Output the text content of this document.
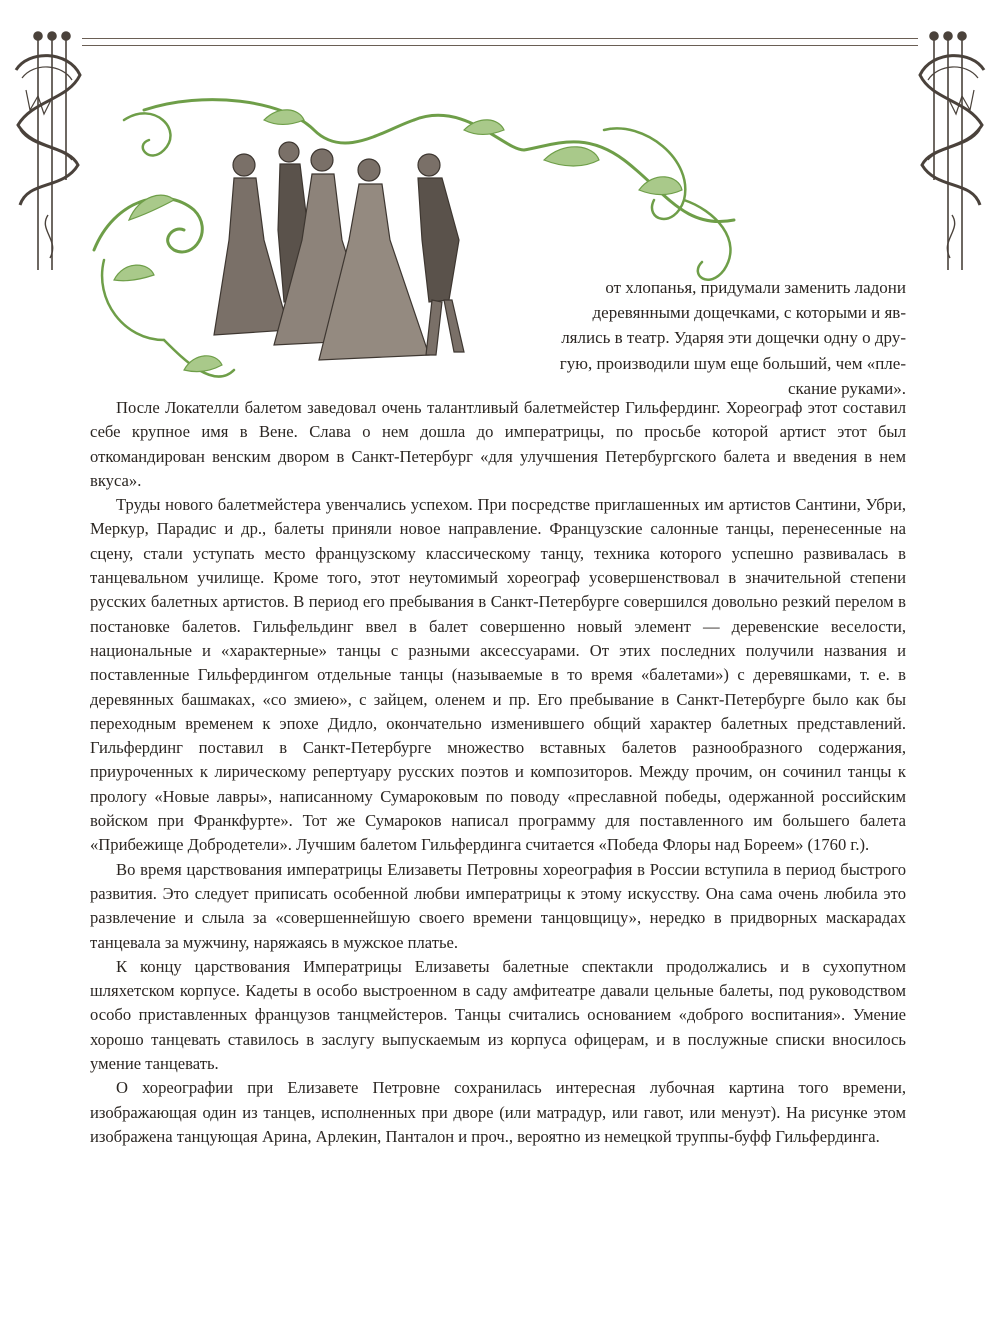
от хлопанья, придумали заменить ладони
деревянными дощечками, с которыми и яв-
лялись в театр. Ударяя эти дощечки одну о дру-
гую, производили шум еще больший, чем «пле-
скание руками».

После Локателли балетом заведовал очень талантливый балетмейстер Гильфердинг. Хореограф этот составил себе крупное имя в Вене. Слава о нем дошла до императрицы, по просьбе которой артист этот был откомандирован венским двором в Санкт-Петербург «для улучшения Петербургского балета и введения в нем вкуса».

Труды нового балетмейстера увенчались успехом. При посредстве приглашенных им артистов Сантини, Убри, Меркур, Парадис и др., балеты приняли новое направление. Французские салонные танцы, перенесенные на сцену, стали уступать место французскому классическому танцу, техника которого успешно развивалась в танцевальном училище. Кроме того, этот неутомимый хореограф усовершенствовал в значительной степени русских балетных артистов. В период его пребывания в Санкт-Петербурге совершился довольно резкий перелом в постановке балетов. Гильфельдинг ввел в балет совершенно новый элемент — деревенские веселости, национальные и «характерные» танцы с разными аксессуарами. От этих последних получили названия и поставленные Гильфердингом отдельные танцы (называемые в то время «балетами») с деревяшками, т. е. в деревянных башмаках, «со змиею», с зайцем, оленем и пр. Его пребывание в Санкт-Петербурге было как бы переходным временем к эпохе Дидло, окончательно изменившего общий характер балетных представлений. Гильфердинг поставил в Санкт-Петербурге множество вставных балетов разнообразного содержания, приуроченных к лирическому репертуару русских поэтов и композиторов. Между прочим, он сочинил танцы к прологу «Новые лавры», написанному Сумароковым по поводу «преславной победы, одержанной российским войском при Франкфурте». Тот же Сумароков написал программу для поставленного им большего балета «Прибежище Добродетели». Лучшим балетом Гильфердинга считается «Победа Флоры над Бореем» (1760 г.).

Во время царствования императрицы Елизаветы Петровны хореография в России вступила в период быстрого развития. Это следует приписать особенной любви императрицы к этому искусству. Она сама очень любила это развлечение и слыла за «совершеннейшую своего времени танцовщицу», нередко в придворных маскарадах танцевала за мужчину, наряжаясь в мужское платье.

К концу царствования Императрицы Елизаветы балетные спектакли продолжались и в сухопутном шляхетском корпусе. Кадеты в особо выстроенном в саду амфитеатре давали цельные балеты, под руководством особо приставленных французов танцмейстеров. Танцы считались основанием «доброго воспитания». Умение хорошо танцевать ставилось в заслугу выпускаемым из корпуса офицерам, и в послужные списки вносилось умение танцевать.

О хореографии при Елизавете Петровне сохранилась интересная лубочная картина того времени, изображающая один из танцев, исполненных при дворе (или матрадур, или гавот, или менуэт). На рисунке этом изображена танцующая Арина, Арлекин, Панталон и проч., вероятно из немецкой труппы-буфф Гильфердинга.
